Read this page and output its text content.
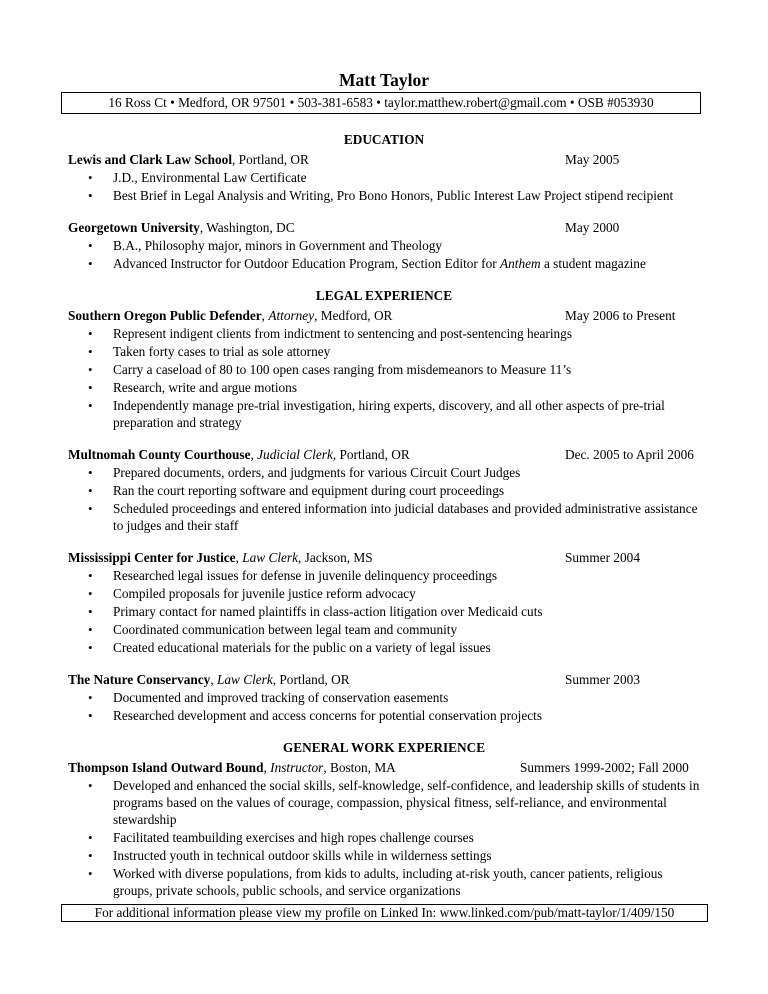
Matt Taylor
16 Ross Ct • Medford, OR 97501 • 503-381-6583 • taylor.matthew.robert@gmail.com • OSB #053930
EDUCATION
Lewis and Clark Law School, Portland, OR	May 2005
• J.D., Environmental Law Certificate
• Best Brief in Legal Analysis and Writing, Pro Bono Honors, Public Interest Law Project stipend recipient
Georgetown University, Washington, DC	May 2000
• B.A., Philosophy major, minors in Government and Theology
• Advanced Instructor for Outdoor Education Program, Section Editor for Anthem a student magazine
LEGAL EXPERIENCE
Southern Oregon Public Defender, Attorney, Medford, OR	May 2006 to Present
• Represent indigent clients from indictment to sentencing and post-sentencing hearings
• Taken forty cases to trial as sole attorney
• Carry a caseload of 80 to 100 open cases ranging from misdemeanors to Measure 11’s
• Research, write and argue motions
• Independently manage pre-trial investigation, hiring experts, discovery, and all other aspects of pre-trial preparation and strategy
Multnomah County Courthouse, Judicial Clerk, Portland, OR	Dec. 2005 to April 2006
• Prepared documents, orders, and judgments for various Circuit Court Judges
• Ran the court reporting software and equipment during court proceedings
• Scheduled proceedings and entered information into judicial databases and provided administrative assistance to judges and their staff
Mississippi Center for Justice, Law Clerk, Jackson, MS	Summer 2004
• Researched legal issues for defense in juvenile delinquency proceedings
• Compiled proposals for juvenile justice reform advocacy
• Primary contact for named plaintiffs in class-action litigation over Medicaid cuts
• Coordinated communication between legal team and community
• Created educational materials for the public on a variety of legal issues
The Nature Conservancy, Law Clerk, Portland, OR	Summer 2003
• Documented and improved tracking of conservation easements
• Researched development and access concerns for potential conservation projects
GENERAL WORK EXPERIENCE
Thompson Island Outward Bound, Instructor, Boston, MA	Summers 1999-2002; Fall 2000
• Developed and enhanced the social skills, self-knowledge, self-confidence, and leadership skills of students in programs based on the values of courage, compassion, physical fitness, self-reliance, and environmental stewardship
• Facilitated teambuilding exercises and high ropes challenge courses
• Instructed youth in technical outdoor skills while in wilderness settings
• Worked with diverse populations, from kids to adults, including at-risk youth, cancer patients, religious groups, private schools, public schools, and service organizations
For additional information please view my profile on Linked In: www.linked.com/pub/matt-taylor/1/409/150
